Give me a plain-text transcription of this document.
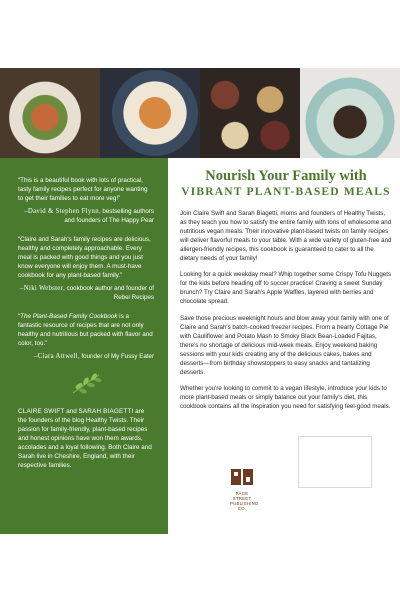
“This is a beautiful book with lots of practical, tasty family recipes perfect for anyone wanting to get their families to eat more veg!”

–David & Stephen Flynn, bestselling authors and founders of The Happy Pear

“Claire and Sarah's family recipes are delicious, healthy and completely approachable. Every meal is packed with good things and you just know everyone will enjoy them. A must-have cookbook for any plant-based family.”

–Niki Webster, cookbook author and founder of Rebel Recipes

“The Plant-Based Family Cookbook is a fantastic resource of recipes that are not only healthy and nutritious but packed with flavor and color, too.”

–Ciara Attwell, founder of My Fussy Eater

CLAIRE SWIFT and SARAH BIAGETTI are the founders of the blog Healthy Twists. Their passion for family-friendly, plant-based recipes and honest opinions have won them awards, accolades and a loyal following. Both Claire and Sarah live in Cheshire, England, with their respective families.

Nourish Your Family with
VIBRANT PLANT-BASED MEALS

Join Claire Swift and Sarah Biagetti, moms and founders of Healthy Twists, as they teach you how to satisfy the entire family with tons of wholesome and nutritious vegan meals. Their innovative plant-based twists on family recipes will deliver flavorful meals to your table. With a wide variety of gluten-free and allergen-friendly recipes, this cookbook is guaranteed to cater to all the dietary needs of your family!

Looking for a quick weekday meal? Whip together some Crispy Tofu Nuggets for the kids before heading off to soccer practice! Craving a sweet Sunday brunch? Try Claire and Sarah's Apple Waffles, layered with berries and chocolate spread.

Save those precious weeknight hours and blow away your family with one of Claire and Sarah's batch-cooked freezer recipes. From a hearty Cottage Pie with Cauliflower and Potato Mash to Smoky Black Bean-Loaded Fajitas, there's no shortage of delicious mid-week meals. Enjoy weekend baking sessions with your kids creating any of the delicious cakes, bakes and desserts—from birthday showstoppers to easy snacks and tantalizing desserts.

Whether you're looking to commit to a vegan lifestyle, introduce your kids to more plant-based meals or simply balance out your family's diet, this cookbook contains all the inspiration you need for satisfying feel-good meals.

PAGE STREET
PUBLISHING CO.
